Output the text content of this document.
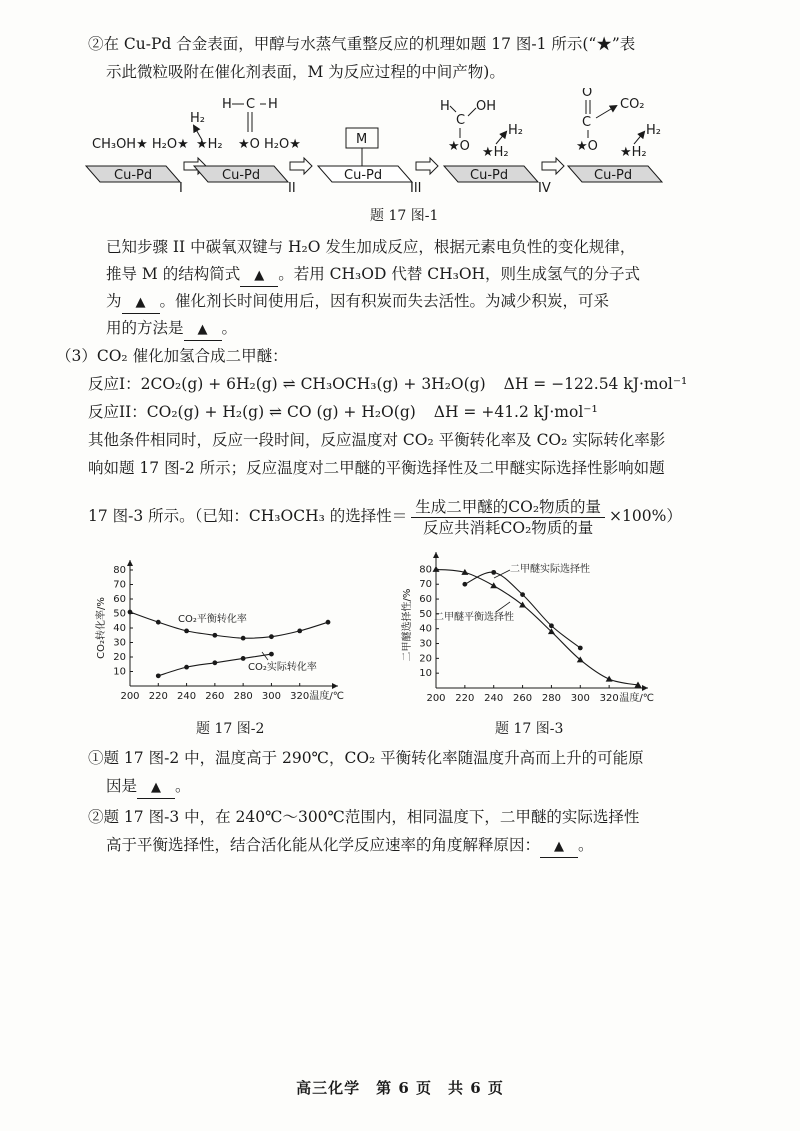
②在 Cu-Pd 合金表面，甲醇与水蒸气重整反应的机理如题 17 图-1 所示(“★”表
示此微粒吸附在催化剂表面，M 为反应过程的中间产物)。
Cu-Pd
CH₃OH★ H₂O★
I
Cu-Pd
H₂
★H₂
H C H
★O H₂O★
II
Cu-Pd
M
III
Cu-Pd
H
C
OH
★O
H₂
★H₂
IV
Cu-Pd
O
C
★O
CO₂
H₂
★H₂
题 17 图-1
已知步骤 II 中碳氧双键与 H₂O 发生加成反应，根据元素电负性的变化规律，
推导 M 的结构简式 ▲ 。若用 CH₃OD 代替 CH₃OH，则生成氢气的分子式
为 ▲ 。催化剂长时间使用后，因有积炭而失去活性。为减少积炭，可采
用的方法是 ▲ 。
（3）CO₂ 催化加氢合成二甲醚：
反应I：2CO₂(g) + 6H₂(g) ⇌ CH₃OCH₃(g) + 3H₂O(g) ΔH = −122.54 kJ·mol⁻¹
反应II：CO₂(g) + H₂(g) ⇌ CO (g) + H₂O(g) ΔH = +41.2 kJ·mol⁻¹
其他条件相同时，反应一段时间，反应温度对 CO₂ 平衡转化率及 CO₂ 实际转化率影
响如题 17 图-2 所示；反应温度对二甲醚的平衡选择性及二甲醚实际选择性影响如题
17 图-3 所示。（已知：CH₃OCH₃ 的选择性＝ $\frac{\text{生成二甲醚的CO₂物质的量}}{\text{反应共消耗CO₂物质的量}} \times 100\%$）
200 220 240 260 280 300 320
10
20
30
40
50
60
70
80
温度/℃
CO₂转化率/%	CO₂平衡转化率
CO₂实际转化率
题 17 图-2
200 220 240 260 280 300 320
10
20
30
40
50
60
70
80
温度/℃
二甲醚选择性/%
二甲醚实际选择性
二甲醚平衡选择性
题 17 图-3
①题 17 图-2 中，温度高于 290℃，CO₂ 平衡转化率随温度升高而上升的可能原
因是 ▲ 。
②题 17 图-3 中，在 240℃～300℃范围内，相同温度下，二甲醚的实际选择性
高于平衡选择性，结合活化能从化学反应速率的角度解释原因： ▲ 。
高三化学　第 6 页　共 6 页
